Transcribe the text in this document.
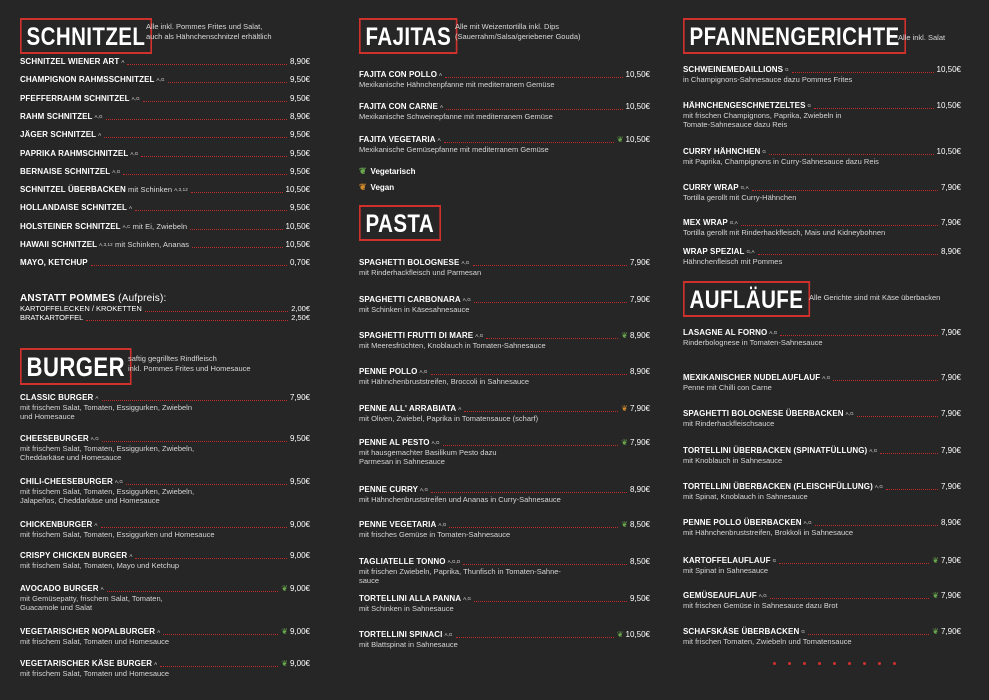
SCHNITZEL Alle inkl. Pommes Frites und Salat,
auch als Hähnchenschnitzel erhältlich
ANSTATT POMMES (Aufpreis):
KARTOFFELECKEN / KROKETTEN	2,00€
BRATKARTOFFEL	2,50€
BURGER saftig gegrilltes Rindfleisch
inkl. Pommes Frites und Homesauce
SCHNITZEL WIENER ART $^A$	8,90€
CHAMPIGNON RAHMSSCHNITZEL $^{A,G}$	9,50€
PFEFFERRAHM SCHNITZEL $^{A,G}$	9,50€
RAHM SCHNITZEL $^{A,G}$	8,90€
JÄGER SCHNITZEL $^A$	9,50€
PAPRIKA RAHMSCHNITZEL $^{A,G}$	9,50€
BERNAISE SCHNITZEL $^{A,G}$	9,50€
SCHNITZEL ÜBERBACKEN mit Schinken $^{A,3,12}$	10,50€
HOLLANDAISE SCHNITZEL $^A$	9,50€
HOLSTEINER SCHNITZEL $^{A,C}$ mit Ei, Zwiebeln	10,50€
HAWAII SCHNITZEL $^{A,3,12}$ mit Schinken, Ananas	10,50€
MAYO, KETCHUP	0,70€
CLASSIC BURGER $^A$	7,90€
mit frischem Salat, Tomaten, Essiggurken, Zwiebeln
und Homesauce
CHEESEBURGER $^{A,G}$	9,50€
mit frischem Salat, Tomaten, Essiggurken, Zwiebeln,
Cheddarkäse und Homesauce
CHILI-CHEESEBURGER $^{A,G}$	9,50€
mit frischem Salat, Tomaten, Essiggurken, Zwiebeln,
Jalapeños, Cheddarkäse und Homesauce
CHICKENBURGER $^A$	9,00€
mit frischem Salat, Tomaten, Essiggurken und Homesauce
CRISPY CHICKEN BURGER $^A$	9,00€
mit frischem Salat, Tomaten, Mayo und Ketchup
AVOCADO BURGER $^A$	❦ 9,00€
mit Gemüsepatty, frischem Salat, Tomaten,
Guacamole und Salat
VEGETARISCHER NOPALBURGER $^A$	❦ 9,00€
mit frischem Salat, Tomaten und Homesauce
VEGETARISCHER KÄSE BURGER $^A$	❦ 9,00€
mit frischem Salat, Tomaten und Homesauce
FAJITAS Alle mit Weizentortilla inkl. Dips
(Sauerrahm/Salsa/geriebener Gouda)
❦ Vegetarisch
❦ Vegan
PASTA
FAJITA CON POLLO $^A$	10,50€
Mexikanische Hähnchenpfanne mit mediterranem Gemüse
FAJITA CON CARNE $^A$	10,50€
Mexikanische Schweinepfanne mit mediterranem Gemüse
FAJITA VEGETARIA $^A$	❦ 10,50€
Mexikanische Gemüsepfanne mit mediterranem Gemüse
SPAGHETTI BOLOGNESE $^{A,G}$	7,90€
mit Rinderhackfleisch und Parmesan
SPAGHETTI CARBONARA $^{A,G}$	7,90€
mit Schinken in Käsesahnesauce
SPAGHETTI FRUTTI DI MARE $^{A,G}$	❦ 8,90€
mit Meeresfrüchten, Knoblauch in Tomaten-Sahnesauce
PENNE POLLO $^{A,G}$	8,90€
mit Hähnchenbruststreifen, Broccoli in Sahnesauce
PENNE ALL' ARRABIATA $^A$	❦ 7,90€
mit Oliven, Zwiebel, Paprika in Tomatensauce (scharf)
PENNE AL PESTO $^{A,G}$	❦ 7,90€
mit hausgemachter Basilikum Pesto dazu
Parmesan in Sahnesauce
PENNE CURRY $^{A,G}$	8,90€
mit Hähnchenbruststreifen und Ananas in Curry-Sahnesauce
PENNE VEGETARIA $^{A,G}$	❦ 8,50€
mit frisches Gemüse in Tomaten-Sahnesauce
TAGLIATELLE TONNO $^{A,G,D}$	8,50€
mit frischen Zwiebeln, Paprika, Thunfisch in Tomaten-Sahne-
sauce
TORTELLINI ALLA PANNA $^{A,G}$	9,50€
mit Schinken in Sahnesauce
TORTELLINI SPINACI $^{A,G}$	❦ 10,50€
mit Blattspinat in Sahnesauce
PFANNENGERICHTE
Alle inkl. Salat
AUFLÄUFE Alle Gerichte sind mit Käse überbacken
SCHWEINEMEDAILLIONS $^G$	10,50€
in Champignons-Sahnesauce dazu Pommes Frites
HÄHNCHENGESCHNETZELTES $^G$	10,50€
mit frischen Champignons, Paprika, Zwiebeln in
Tomate-Sahnesauce dazu Reis
CURRY HÄHNCHEN $^G$	10,50€
mit Paprika, Champignons in Curry-Sahnesauce dazu Reis
CURRY WRAP $^{G,A}$	7,90€
Tortilla gerollt mit Curry-Hähnchen
MEX WRAP $^{G,A}$	7,90€
Tortilla gerollt mit Rinderhackfleisch, Mais und Kidneybohnen
WRAP SPEZIAL $^{G,A}$	8,90€
Hähnchenfleisch mit Pommes
LASAGNE AL FORNO $^{A,G}$	7,90€
Rinderbolognese in Tomaten-Sahnesauce
MEXIKANISCHER NUDELAUFLAUF $^{A,G}$	7,90€
Penne mit Chilli con Carne
SPAGHETTI BOLOGNESE ÜBERBACKEN $^{A,G}$	7,90€
mit Rinderhackfleischsauce
TORTELLINI ÜBERBACKEN (SPINATFÜLLUNG) $^{A,G}$	7,90€
mit Knoblauch in Sahnesauce
TORTELLINI ÜBERBACKEN (FLEISCHFÜLLUNG) $^{A,G}$	7,90€
mit Spinat, Knoblauch in Sahnesauce
PENNE POLLO ÜBERBACKEN $^{A,G}$	8,90€
mit Hähnchenbruststreifen, Brokkoli in Sahnesauce
KARTOFFELAUFLAUF $^G$	❦ 7,90€
mit Spinat in Sahnesauce
GEMÜSEAUFLAUF $^{A,G}$	❦ 7,90€
mit frischen Gemüse in Sahnesauce dazu Brot
SCHAFSKÄSE ÜBERBACKEN $^G$	❦ 7,90€
mit frischen Tomaten, Zwiebeln und Tomatensauce
